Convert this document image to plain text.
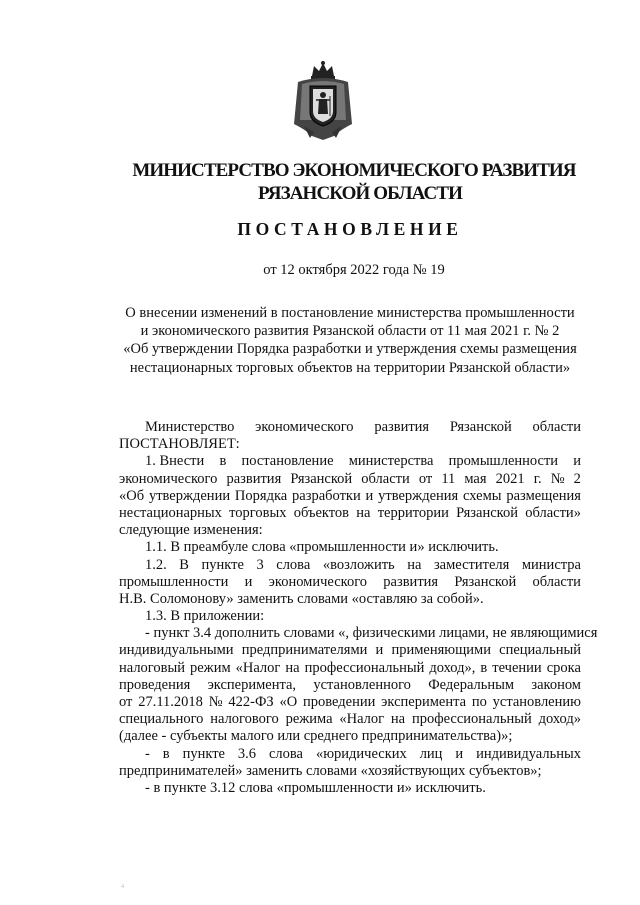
МИНИСТЕРСТВО ЭКОНОМИЧЕСКОГО РАЗВИТИЯ
РЯЗАНСКОЙ ОБЛАСТИ
ПОСТАНОВЛЕНИЕ
от 12 октября 2022 года № 19
О внесении изменений в постановление министерства промышленности
и экономического развития Рязанской области от 11 мая 2021 г. № 2
«Об утверждении Порядка разработки и утверждения схемы размещения
нестационарных торговых объектов на территории Рязанской области»
Министерство экономического развития Рязанской области
ПОСТАНОВЛЯЕТ:
1. Внести в постановление министерства промышленности и
экономического развития Рязанской области от 11 мая 2021 г. № 2
«Об утверждении Порядка разработки и утверждения схемы размещения
нестационарных торговых объектов на территории Рязанской области»
следующие изменения:
1.1. В преамбуле слова «промышленности и» исключить.
1.2. В пункте 3 слова «возложить на заместителя министра
промышленности и экономического развития Рязанской области
Н.В. Соломонову» заменить словами «оставляю за собой».
1.3. В приложении:
- пункт 3.4 дополнить словами «, физическими лицами, не являющимися
индивидуальными предпринимателями и применяющими специальный
налоговый режим «Налог на профессиональный доход», в течении срока
проведения эксперимента, установленного Федеральным законом
от 27.11.2018 № 422-ФЗ «О проведении эксперимента по установлению
специального налогового режима «Налог на профессиональный доход»
(далее - субъекты малого или среднего предпринимательства)»;
- в пункте 3.6 слова «юридических лиц и индивидуальных
предпринимателей» заменить словами «хозяйствующих субъектов»;
- в пункте 3.12 слова «промышленности и» исключить.
4
